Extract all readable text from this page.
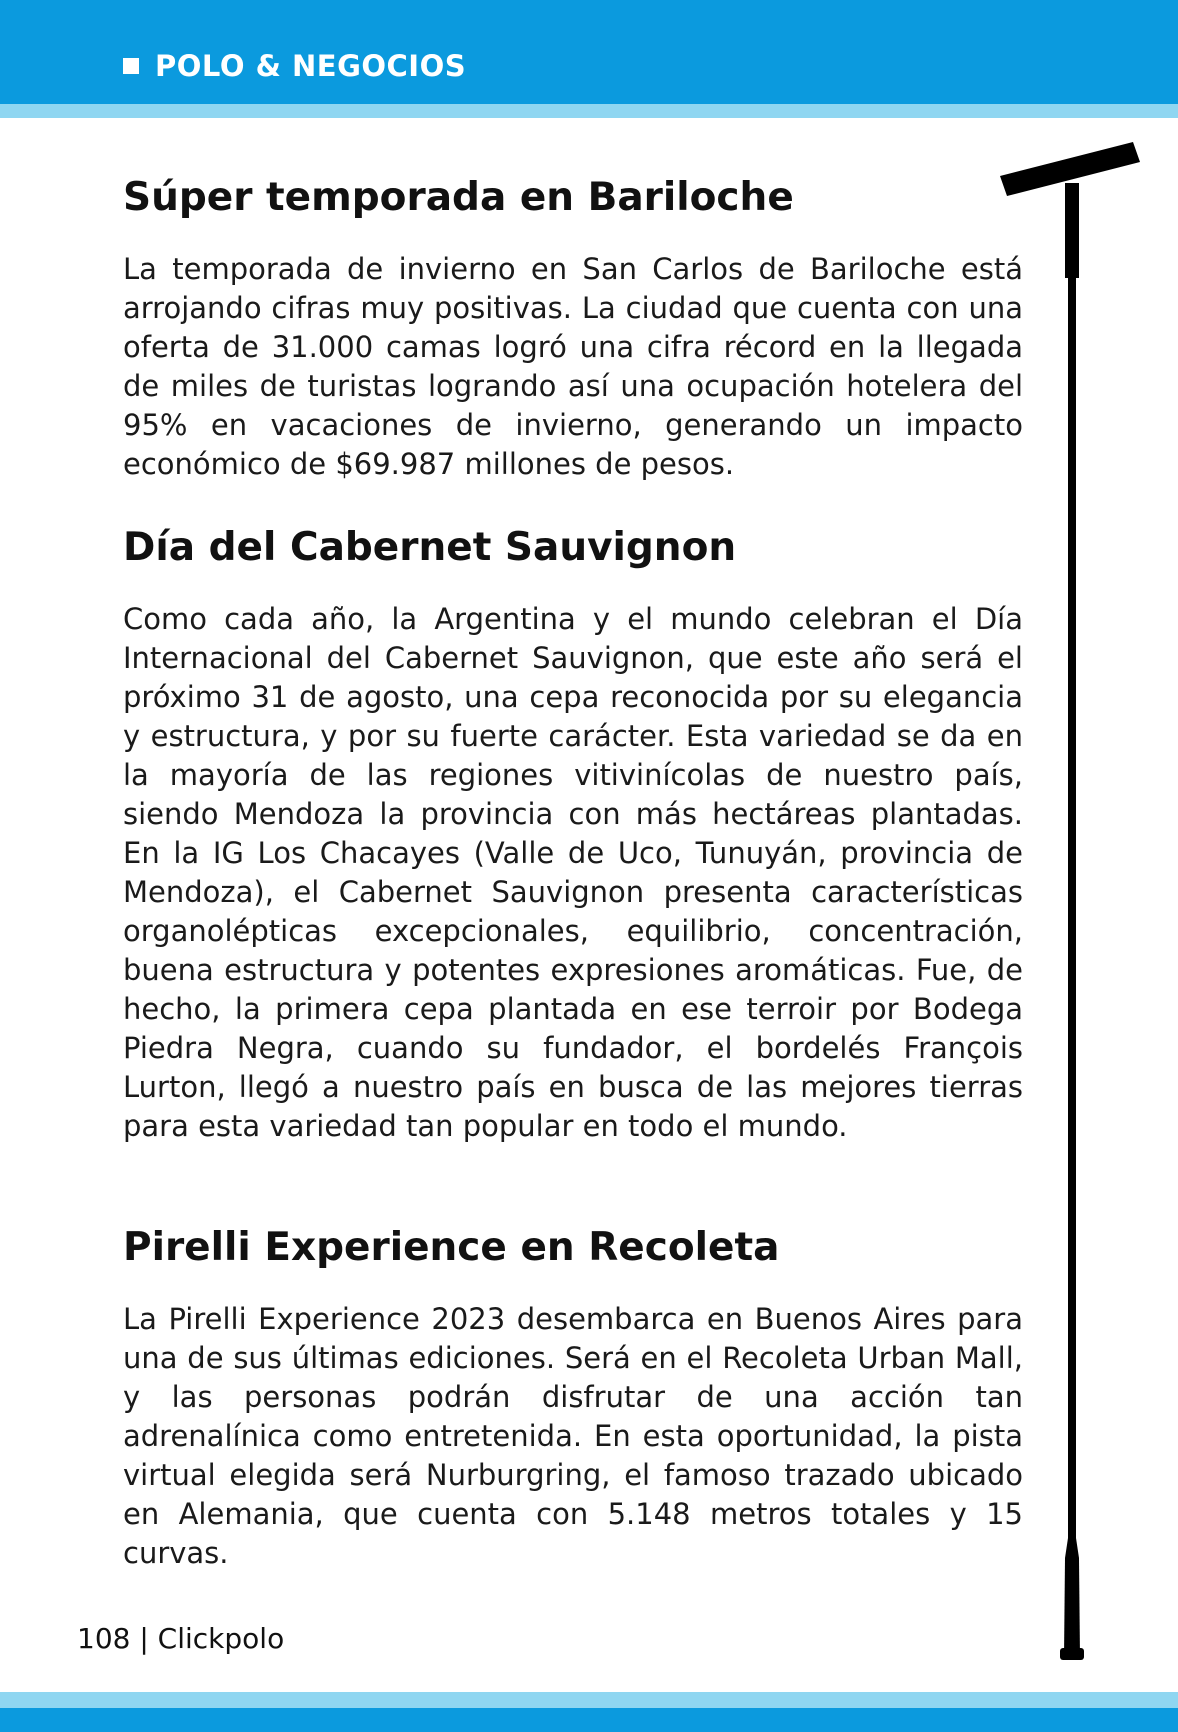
POLO & NEGOCIOS
Súper temporada en Bariloche

La temporada de invierno en San Carlos de Bariloche está arrojando cifras muy positivas. La ciudad que cuenta con una oferta de 31.000 camas logró una cifra récord en la llegada de miles de turistas logrando así una ocupación hotelera del 95% en vacaciones de invierno, generando un impacto económico de $69.987 millones de pesos.

Día del Cabernet Sauvignon

Como cada año, la Argentina y el mundo celebran el Día Internacional del Cabernet Sauvignon, que este año será el próximo 31 de agosto, una cepa reconocida por su elegancia y estructura, y por su fuerte carácter. Esta variedad se da en la mayoría de las regiones vitivinícolas de nuestro país, siendo Mendoza la provincia con más hectáreas plantadas. En la IG Los Chacayes (Valle de Uco, Tunuyán, provincia de Mendoza), el Cabernet Sauvignon presenta características organolépticas excepcionales, equilibrio, concentración, buena estructura y potentes expresiones aromáticas. Fue, de hecho, la primera cepa plantada en ese terroir por Bodega Piedra Negra, cuando su fundador, el bordelés François Lurton, llegó a nuestro país en busca de las mejores tierras para esta variedad tan popular en todo el mundo.

Pirelli Experience en Recoleta

La Pirelli Experience 2023 desembarca en Buenos Aires para una de sus últimas ediciones. Será en el Recoleta Urban Mall, y las personas podrán disfrutar de una acción tan adrenalínica como entretenida. En esta oportunidad, la pista virtual elegida será Nurburgring, el famoso trazado ubicado en Alemania, que cuenta con 5.148 metros totales y 15 curvas.

108 | Clickpolo
